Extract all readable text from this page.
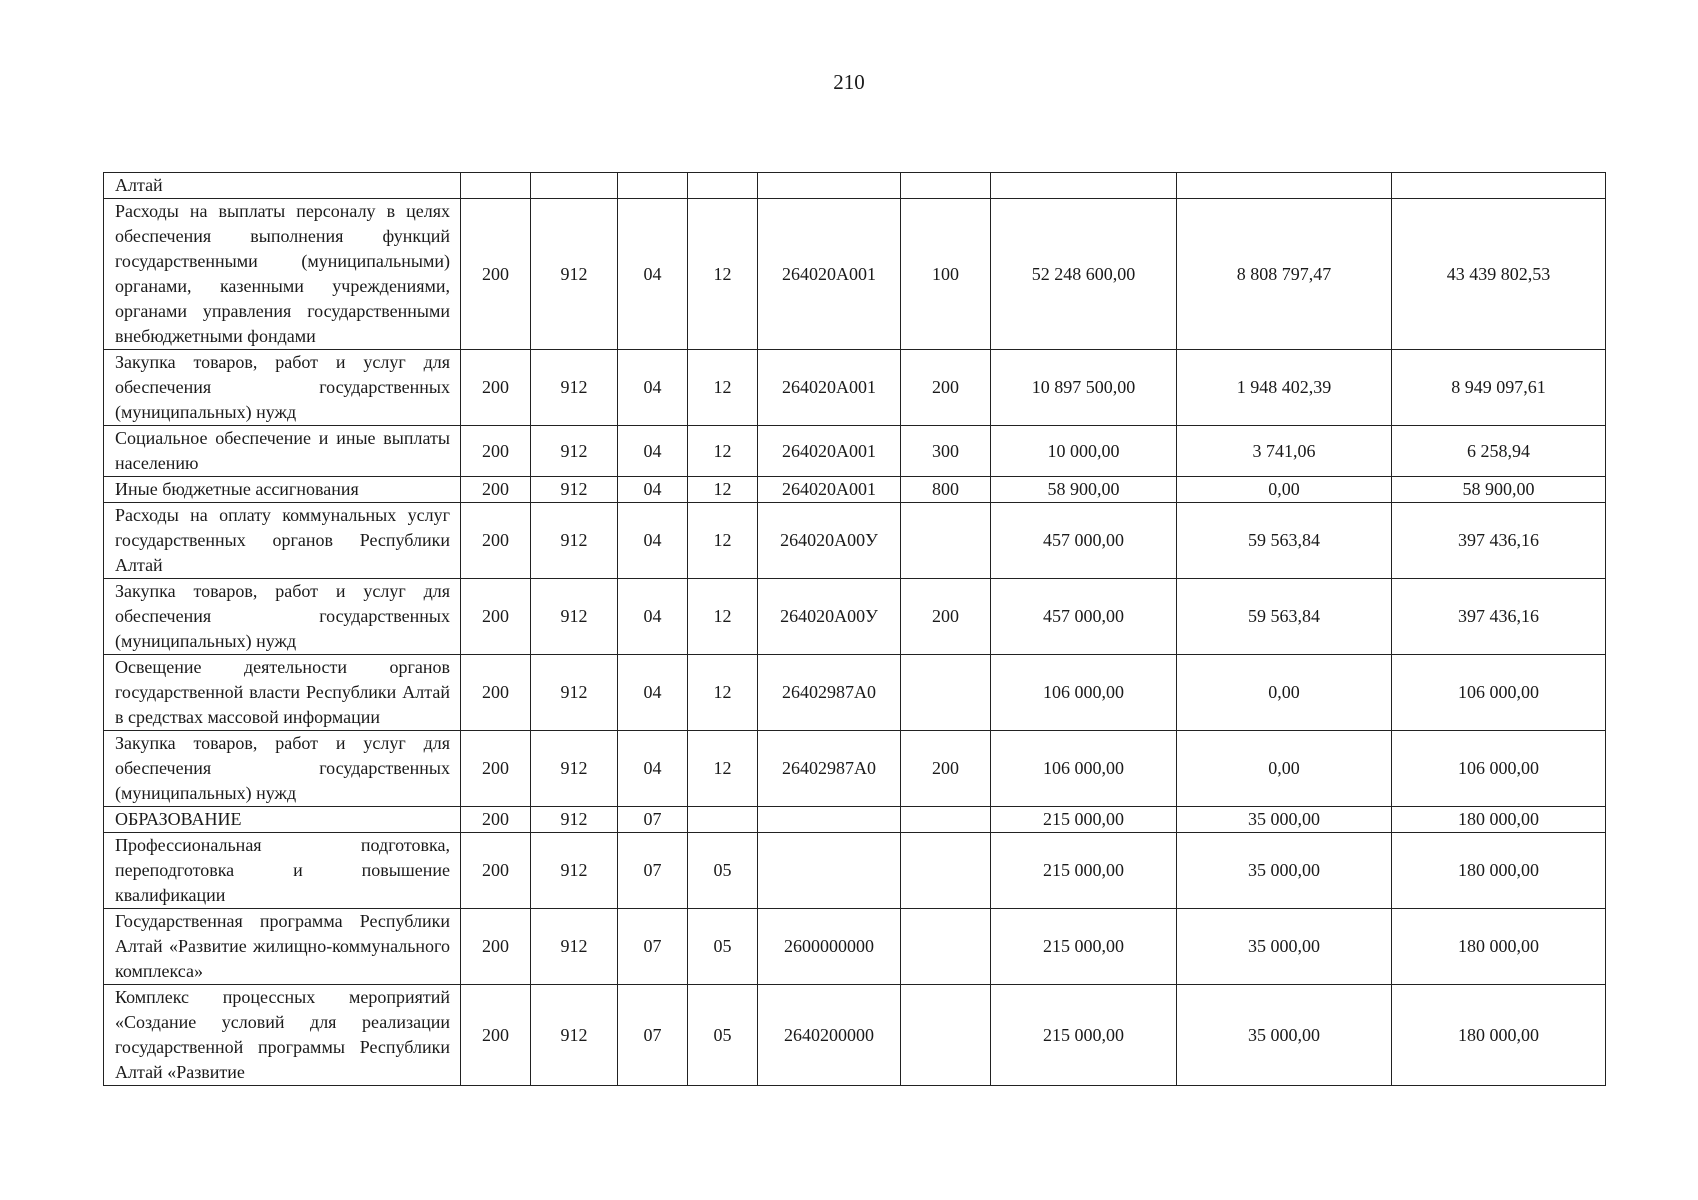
210
Алтай									
Расходы на выплаты персоналу в целях обеспечения выполнения функций государственными (муниципальными) органами, казенными учреждениями, органами управления государственными внебюджетными фондами	200	912	04	12	264020А001	100	52 248 600,00	8 808 797,47	43 439 802,53
Закупка товаров, работ и услуг для обеспечения государственных (муниципальных) нужд	200	912	04	12	264020А001	200	10 897 500,00	1 948 402,39	8 949 097,61
Социальное обеспечение и иные выплаты населению	200	912	04	12	264020А001	300	10 000,00	3 741,06	6 258,94
Иные бюджетные ассигнования	200	912	04	12	264020А001	800	58 900,00	0,00	58 900,00
Расходы на оплату коммунальных услуг государственных органов Республики Алтай	200	912	04	12	264020А00У		457 000,00	59 563,84	397 436,16
Закупка товаров, работ и услуг для обеспечения государственных (муниципальных) нужд	200	912	04	12	264020А00У	200	457 000,00	59 563,84	397 436,16
Освещение деятельности органов государственной власти Республики Алтай в средствах массовой информации	200	912	04	12	26402987А0		106 000,00	0,00	106 000,00
Закупка товаров, работ и услуг для обеспечения государственных (муниципальных) нужд	200	912	04	12	26402987А0	200	106 000,00	0,00	106 000,00
ОБРАЗОВАНИЕ	200	912	07				215 000,00	35 000,00	180 000,00
Профессиональная подготовка, переподготовка и повышение квалификации	200	912	07	05			215 000,00	35 000,00	180 000,00
Государственная программа Республики Алтай «Развитие жилищно-коммунального комплекса»	200	912	07	05	2600000000		215 000,00	35 000,00	180 000,00
Комплекс процессных мероприятий «Создание условий для реализации государственной программы Республики Алтай «Развитие	200	912	07	05	2640200000		215 000,00	35 000,00	180 000,00
